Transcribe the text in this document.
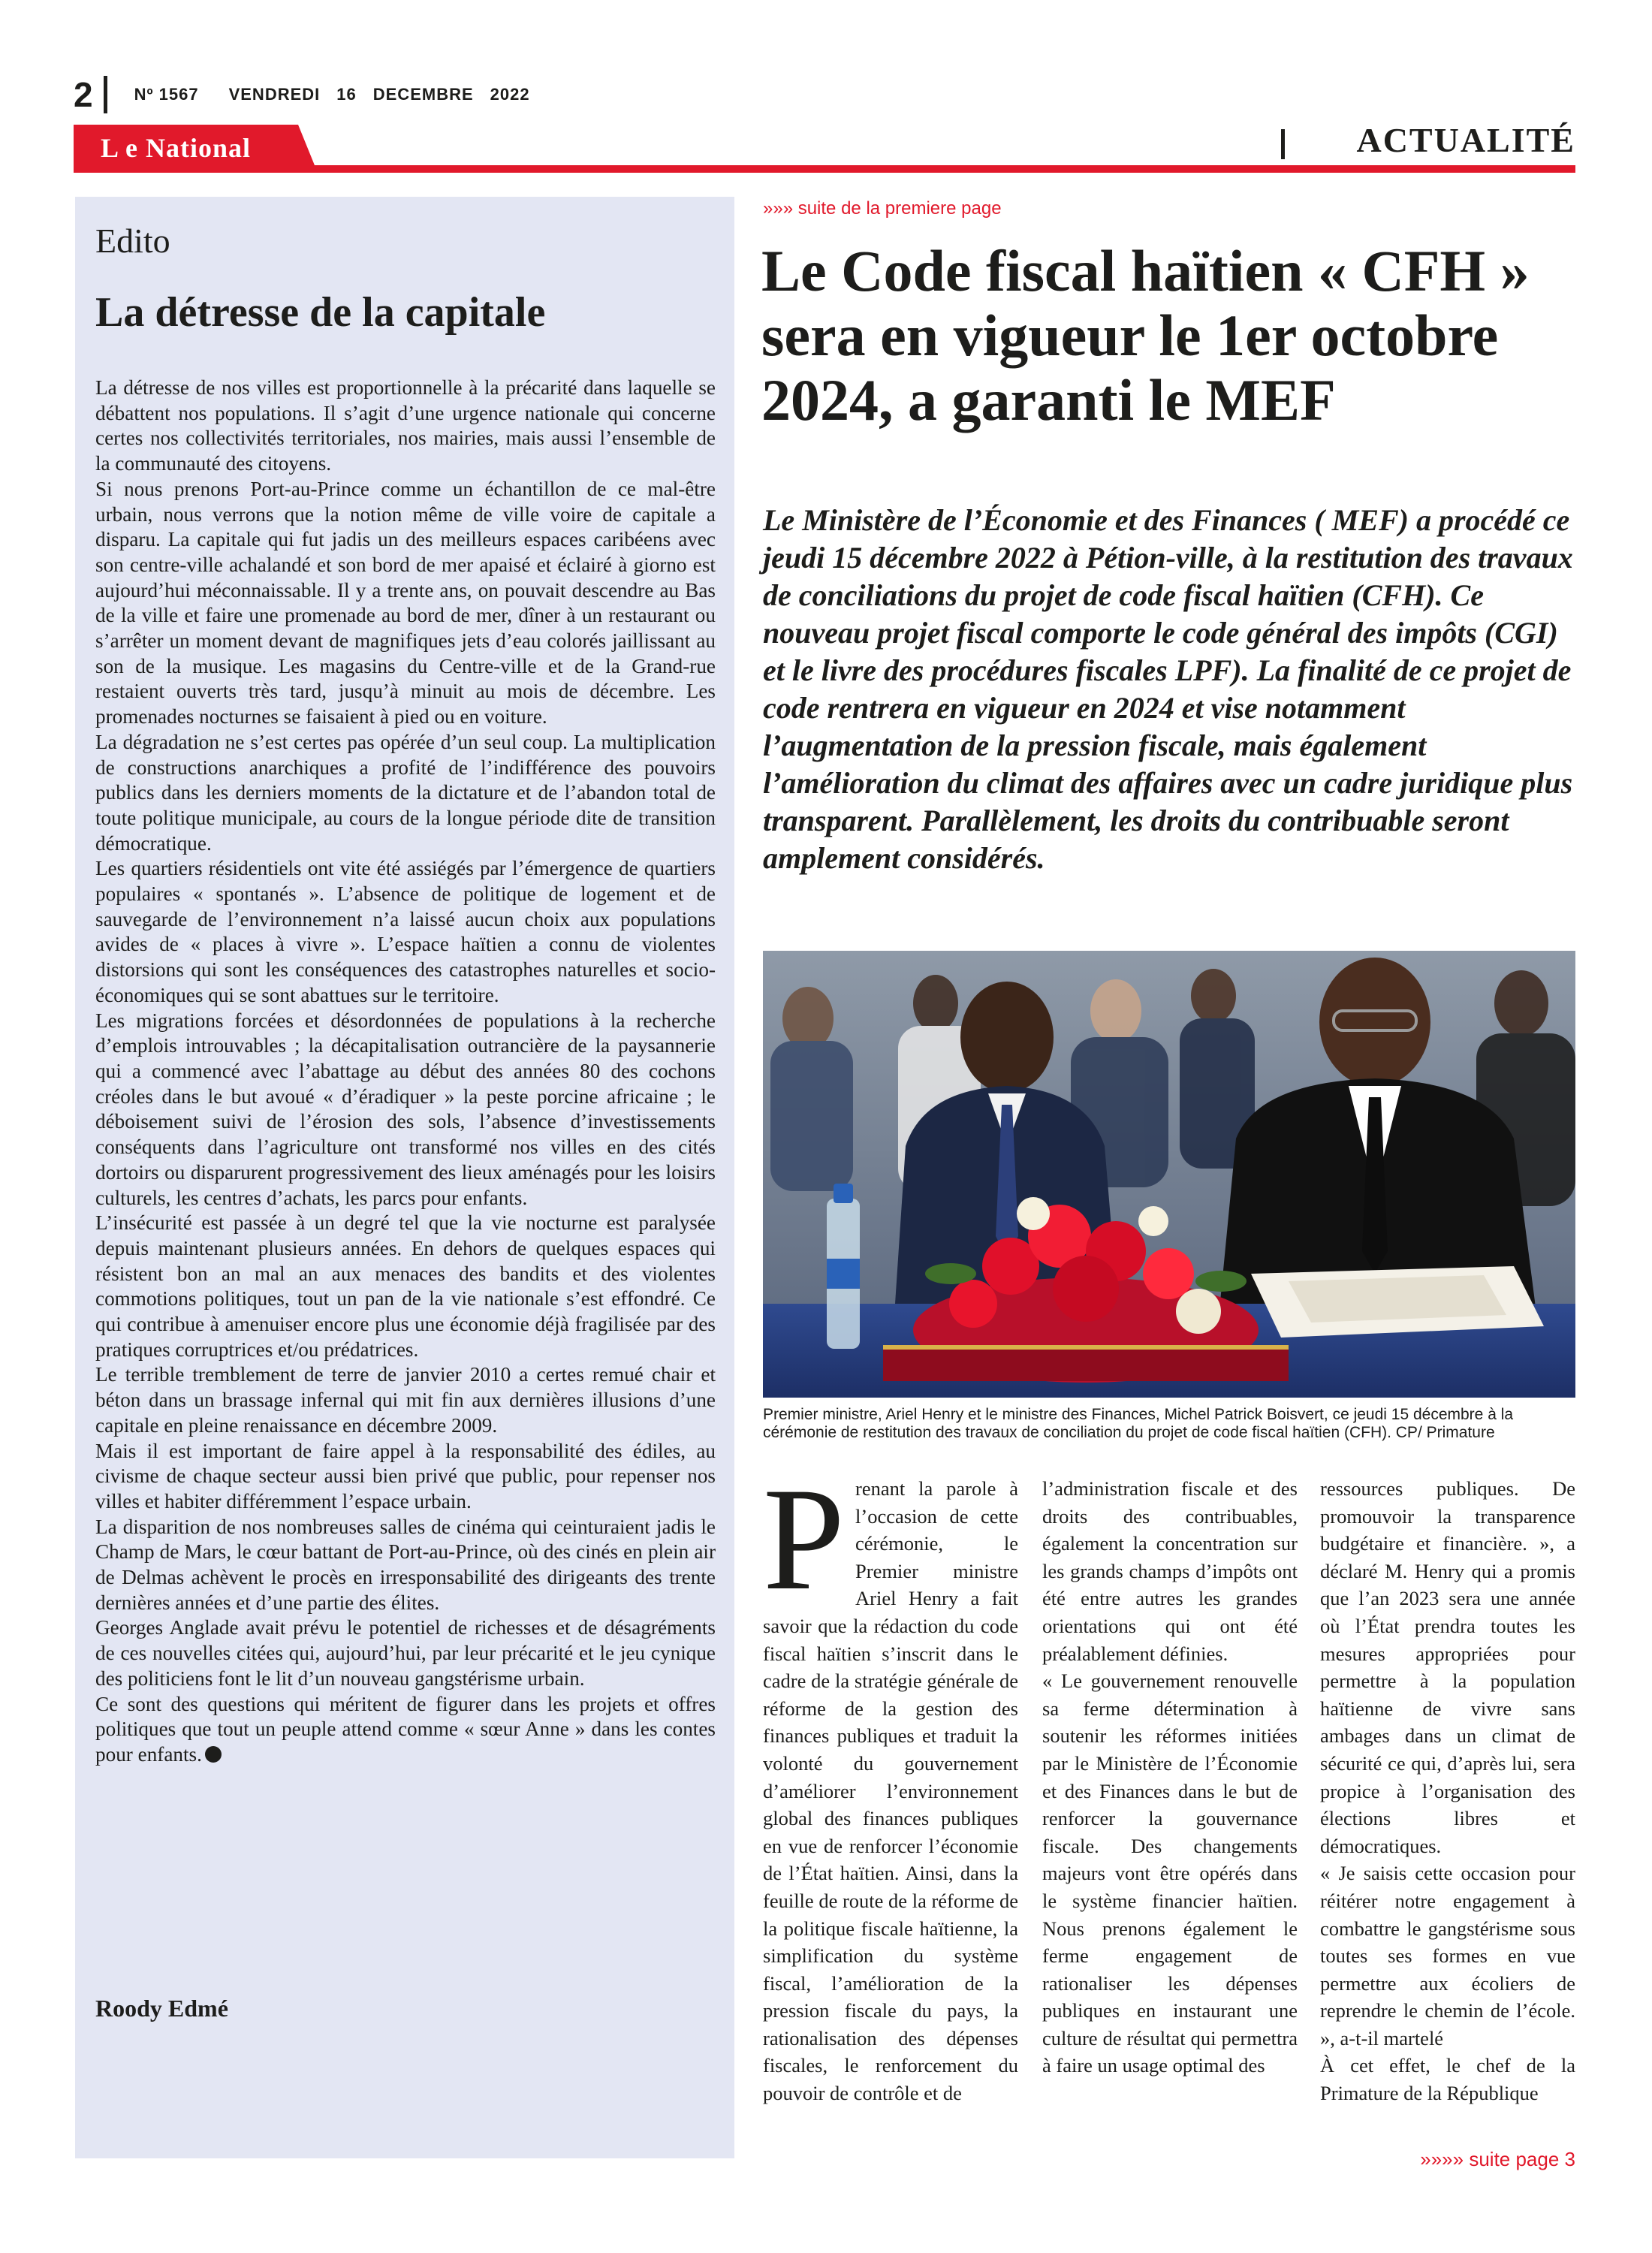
2	Nº 1567 VENDREDI 16 DECEMBRE 2022
L e National	ACTUALITÉ
Edito
La détresse de la capitale

La détresse de nos villes est proportionnelle à la précarité dans laquelle se débattent nos populations. Il s’agit d’une urgence nationale qui concerne certes nos collectivités territoriales, nos mairies, mais aussi l’ensemble de la communauté des citoyens.

Si nous prenons Port-au-Prince comme un échantillon de ce mal-être urbain, nous verrons que la notion même de ville voire de capitale a disparu. La capitale qui fut jadis un des meilleurs espaces caribéens avec son centre-ville achalandé et son bord de mer apaisé et éclairé à giorno est aujourd’hui méconnaissable. Il y a trente ans, on pouvait descendre au Bas de la ville et faire une promenade au bord de mer, dîner à un restaurant ou s’arrêter un moment devant de magnifiques jets d’eau colorés jaillissant au son de la musique. Les magasins du Centre-ville et de la Grand-rue restaient ouverts très tard, jusqu’à minuit au mois de décembre. Les promenades nocturnes se faisaient à pied ou en voiture.

La dégradation ne s’est certes pas opérée d’un seul coup. La multiplication de constructions anarchiques a profité de l’indifférence des pouvoirs publics dans les derniers moments de la dictature et de l’abandon total de toute politique municipale, au cours de la longue période dite de transition démocratique.

Les quartiers résidentiels ont vite été assiégés par l’émergence de quartiers populaires « spontanés ». L’absence de politique de logement et de sauvegarde de l’environnement n’a laissé aucun choix aux populations avides de « places à vivre ». L’espace haïtien a connu de violentes distorsions qui sont les conséquences des catastrophes naturelles et socio-économiques qui se sont abattues sur le territoire.

Les migrations forcées et désordonnées de populations à la recherche d’emplois introuvables ; la décapitalisation outrancière de la paysannerie qui a commencé avec l’abattage au début des années 80 des cochons créoles dans le but avoué « d’éradiquer » la peste porcine africaine ; le déboisement suivi de l’érosion des sols, l’absence d’investissements conséquents dans l’agriculture ont transformé nos villes en des cités dortoirs ou disparurent progressivement des lieux aménagés pour les loisirs culturels, les centres d’achats, les parcs pour enfants.

L’insécurité est passée à un degré tel que la vie nocturne est paralysée depuis maintenant plusieurs années. En dehors de quelques espaces qui résistent bon an mal an aux menaces des bandits et des violentes commotions politiques, tout un pan de la vie nationale s’est effondré. Ce qui contribue à amenuiser encore plus une économie déjà fragilisée par des pratiques corruptrices et/ou prédatrices.

Le terrible tremblement de terre de janvier 2010 a certes remué chair et béton dans un brassage infernal qui mit fin aux dernières illusions d’une capitale en pleine renaissance en décembre 2009.

Mais il est important de faire appel à la responsabilité des édiles, au civisme de chaque secteur aussi bien privé que public, pour repenser nos villes et habiter différemment l’espace urbain.

La disparition de nos nombreuses salles de cinéma qui ceinturaient jadis le Champ de Mars, le cœur battant de Port-au-Prince, où des cinés en plein air de Delmas achèvent le procès en irresponsabilité des dirigeants des trente dernières années et d’une partie des élites.

Georges Anglade avait prévu le potentiel de richesses et de désagréments de ces nouvelles citées qui, aujourd’hui, par leur précarité et le jeu cynique des politiciens font le lit d’un nouveau gangstérisme urbain.

Ce sont des questions qui méritent de figurer dans les projets et offres politiques que tout un peuple attend comme « sœur Anne » dans les contes pour enfants.

Roody Edmé
»»» suite de la premiere page
Le Code fiscal haïtien « CFH » sera en vigueur le 1er octobre 2024, a garanti le MEF
Le Ministère de l’Économie et des Finances ( MEF) a procédé ce jeudi 15 décembre 2022 à Pétion-ville, à la restitution des travaux de conciliations du projet de code fiscal haïtien (CFH). Ce nouveau projet fiscal comporte le code général des impôts (CGI) et le livre des procédures fiscales LPF). La finalité de ce projet de code rentrera en vigueur en 2024 et vise notamment l’augmentation de la pression fiscale, mais également l’amélioration du climat des affaires avec un cadre juridique plus transparent. Parallèlement, les droits du contribuable seront amplement considérés.
Premier ministre, Ariel Henry et le ministre des Finances, Michel Patrick Boisvert, ce jeudi 15 décembre à la cérémonie de restitution des travaux de conciliation du projet de code fiscal haïtien (CFH). CP/ Primature

Prenant la parole à l’occasion de cette cérémonie, le Premier ministre Ariel Henry a fait savoir que la rédaction du code fiscal haïtien s’inscrit dans le cadre de la stratégie générale de réforme de la gestion des finances publiques et traduit la volonté du gouvernement d’améliorer l’environnement global des finances publiques en vue de renforcer l’économie de l’État haïtien. Ainsi, dans la feuille de route de la réforme de la politique fiscale haïtienne, la simplification du système fiscal, l’amélioration de la pression fiscale du pays, la rationalisation des dépenses fiscales, le renforcement du pouvoir de contrôle et de

l’administration fiscale et des droits des contribuables, également la concentration sur les grands champs d’impôts ont été entre autres les grandes orientations qui ont été préalablement définies.

« Le gouvernement renouvelle sa ferme détermination à soutenir les réformes initiées par le Ministère de l’Économie et des Finances dans le but de renforcer la gouvernance fiscale. Des changements majeurs vont être opérés dans le système financier haïtien. Nous prenons également le ferme engagement de rationaliser les dépenses publiques en instaurant une culture de résultat qui permettra à faire un usage optimal des

ressources publiques. De promouvoir la transparence budgétaire et financière. », a déclaré M. Henry qui a promis que l’an 2023 sera une année où l’État prendra toutes les mesures appropriées pour permettre à la population haïtienne de vivre sans ambages dans un climat de sécurité ce qui, d’après lui, sera propice à l’organisation des élections libres et démocratiques.

« Je saisis cette occasion pour réitérer notre engagement à combattre le gangstérisme sous toutes ses formes en vue permettre aux écoliers de reprendre le chemin de l’école. », a-t-il martelé

À cet effet, le chef de la Primature de la République

»»»» suite page 3
